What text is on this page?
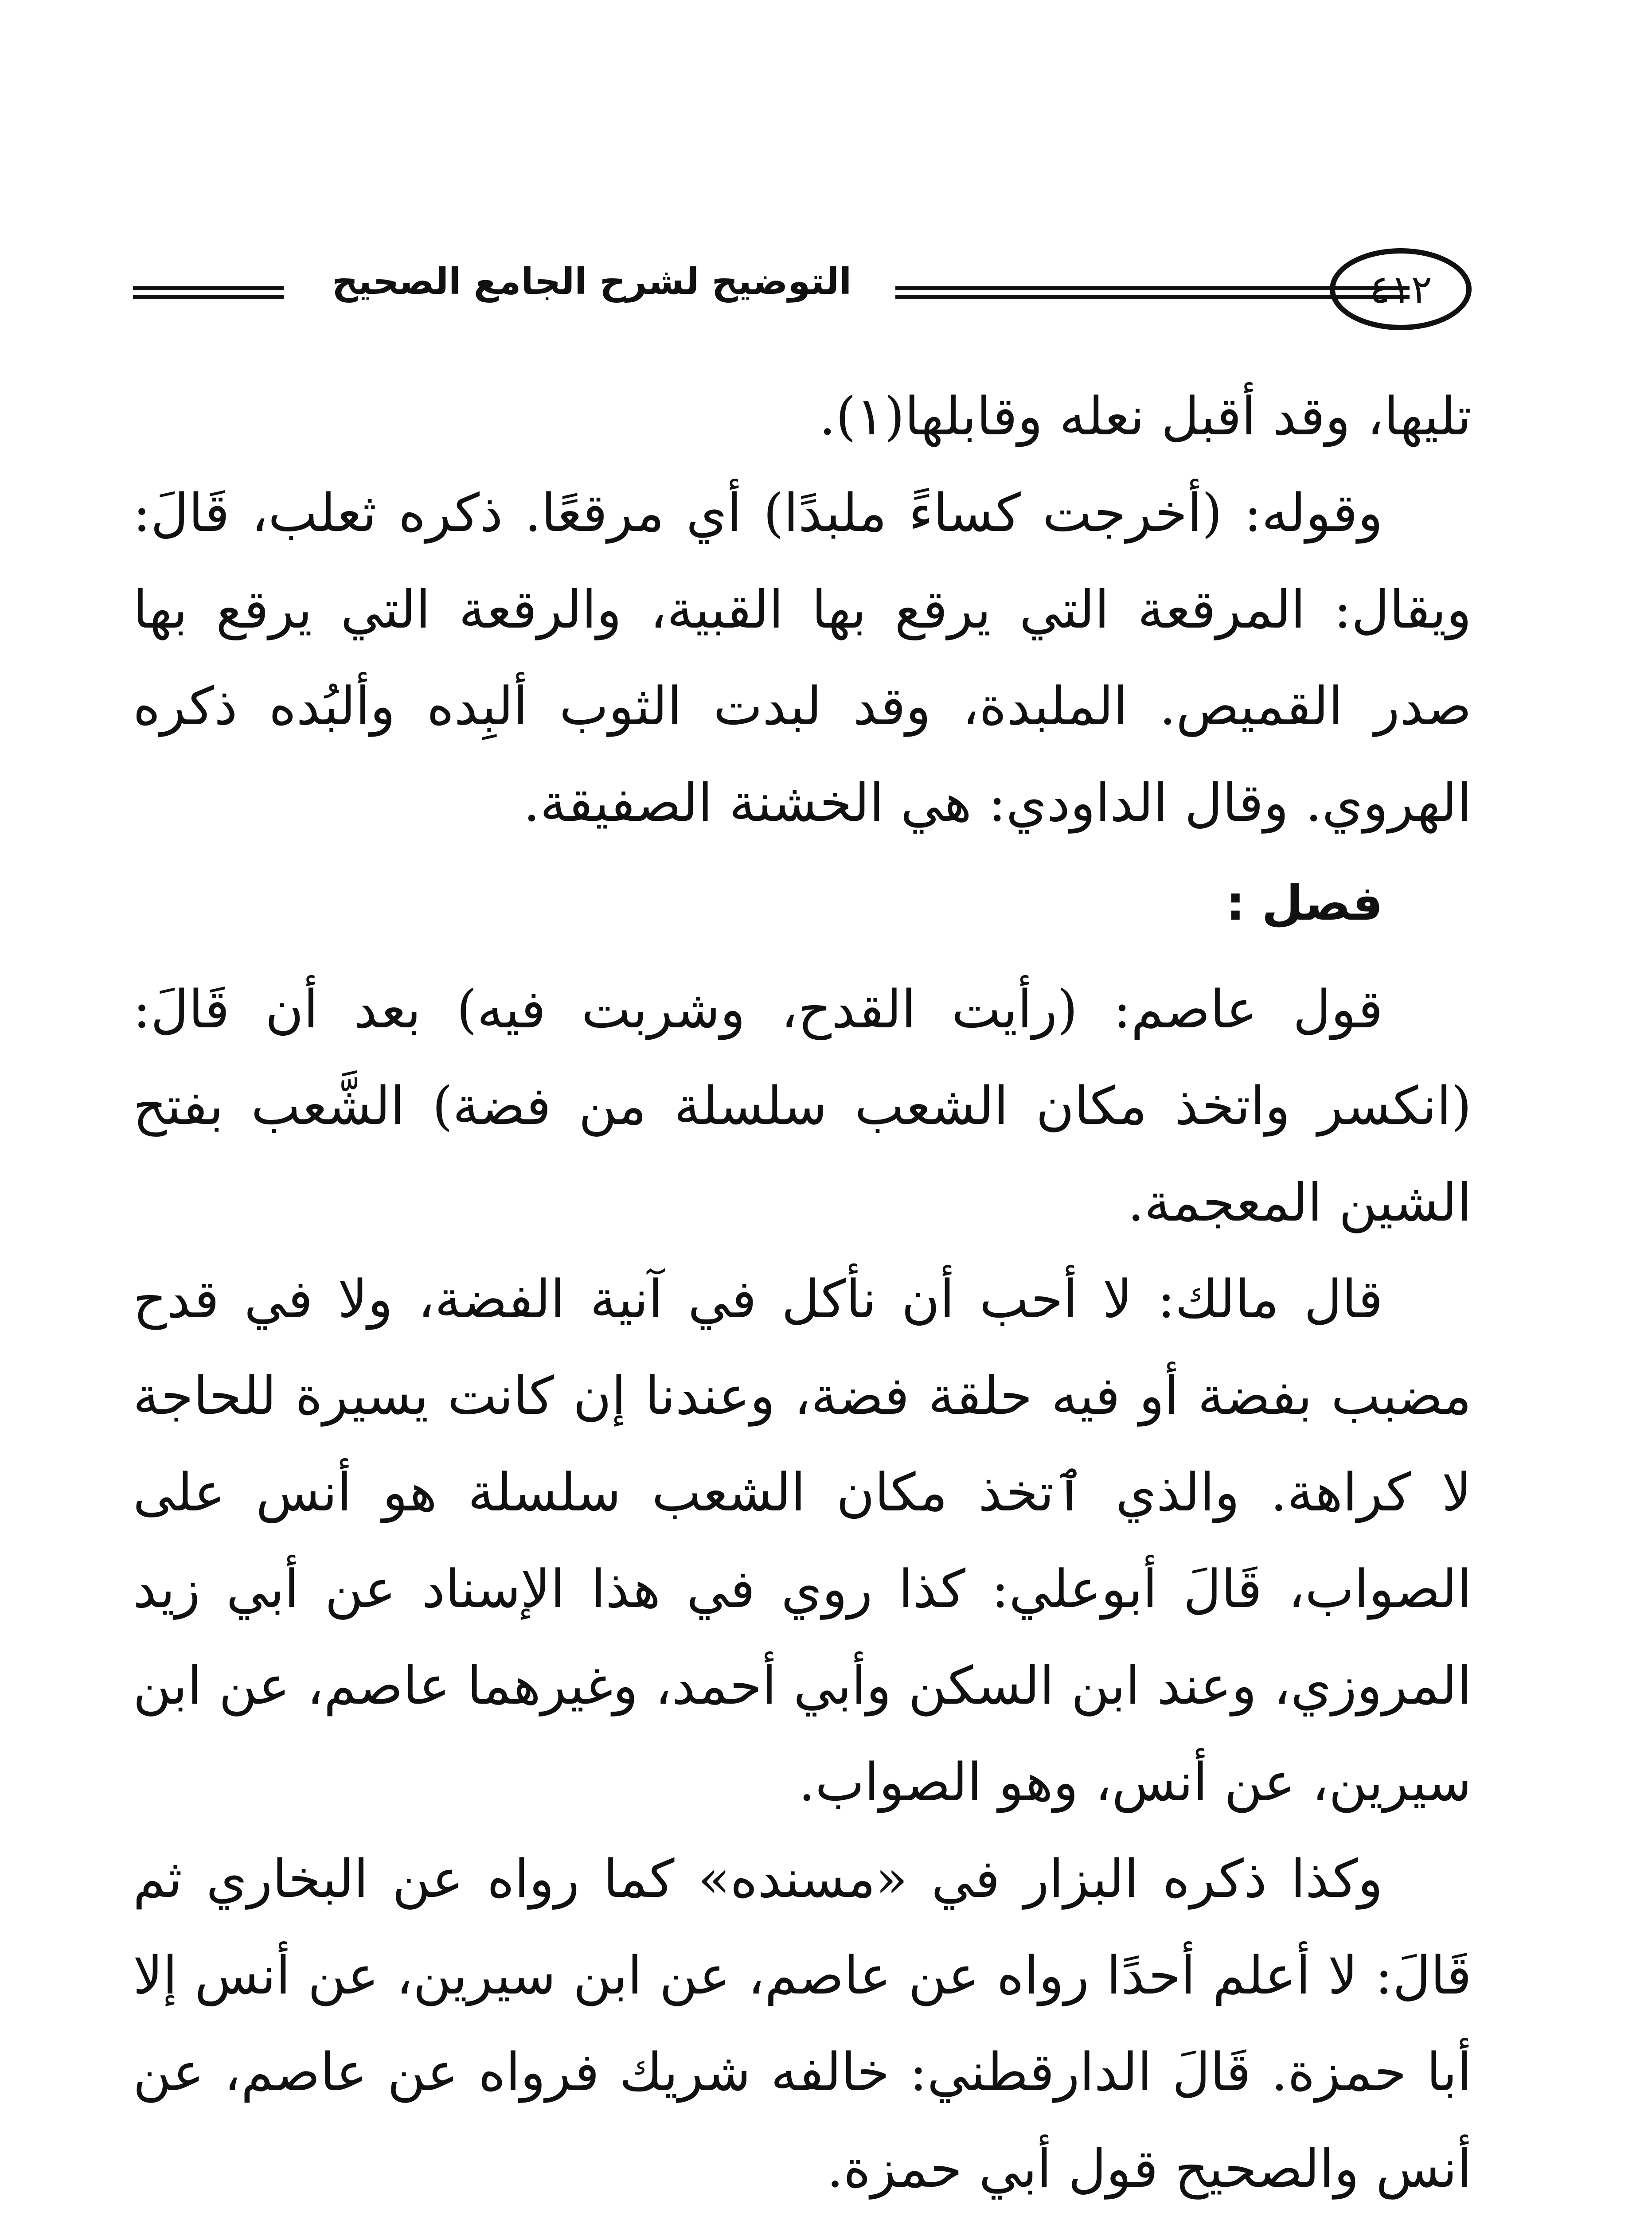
التوضيح لشرح الجامع الصحيح	٤١٢

تليها، وقد أقبل نعله وقابلها(١).

وقوله: (أخرجت كساءً ملبدًا) أي مرقعًا. ذكره ثعلب، قَالَ: ويقال: المرقعة التي يرقع بها القبية، والرقعة التي يرقع بها صدر القميص. الملبدة، وقد لبدت الثوب ألبِده وألبُده ذكره الهروي. وقال الداودي: هي الخشنة الصفيقة.

فصل :

قول عاصم: (رأيت القدح، وشربت فيه) بعد أن قَالَ: (انكسر واتخذ مكان الشعب سلسلة من فضة) الشَّعب بفتح الشين المعجمة.

قال مالك: لا أحب أن نأكل في آنية الفضة، ولا في قدح مضبب بفضة أو فيه حلقة فضة، وعندنا إن كانت يسيرة للحاجة لا كراهة. والذي ٱتخذ مكان الشعب سلسلة هو أنس على الصواب، قَالَ أبوعلي: كذا روي في هذا الإسناد عن أبي زيد المروزي، وعند ابن السكن وأبي أحمد، وغيرهما عاصم، عن ابن سيرين، عن أنس، وهو الصواب.

وكذا ذكره البزار في «مسنده» كما رواه عن البخاري ثم قَالَ: لا أعلم أحدًا رواه عن عاصم، عن ابن سيرين، عن أنس إلا أبا حمزة. قَالَ الدارقطني: خالفه شريك فرواه عن عاصم، عن أنس والصحيح قول أبي حمزة.
